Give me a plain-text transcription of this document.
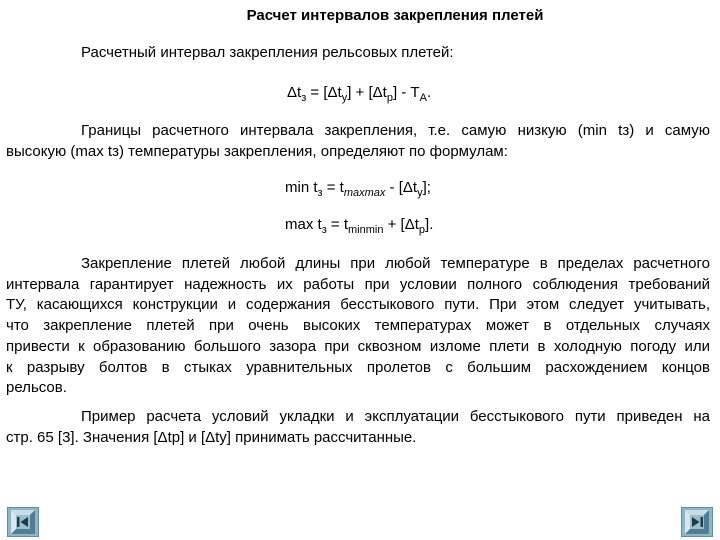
Расчет интервалов закрепления плетей
Расчетный интервал закрепления рельсовых плетей:
$\Delta t_з = [\Delta t_у] + [\Delta t_р] - Т_А$.
Границы расчетного интервала закрепления, т.е. самую низкую (min tз) и самую
высокую (max tз) температуры закрепления, определяют по формулам:
$\min t_з = t_{maxmax} - [\Delta t_у]$;
$\max t_з = t_{minmin} + [\Delta t_р]$.
Закрепление плетей любой длины при любой температуре в пределах расчетного
интервала гарантирует надежность их работы при условии полного соблюдения требований
ТУ, касающихся конструкции и содержания бесстыкового пути. При этом следует учитывать,
что закрепление плетей при очень высоких температурах может в отдельных случаях
привести к образованию большого зазора при сквозном изломе плети в холодную погоду или
к разрыву болтов в стыках уравнительных пролетов с большим расхождением концов
рельсов.
Пример расчета условий укладки и эксплуатации бесстыкового пути приведен на
стр. 65 [3]. Значения [Δtр] и [Δtу] принимать рассчитанные.
